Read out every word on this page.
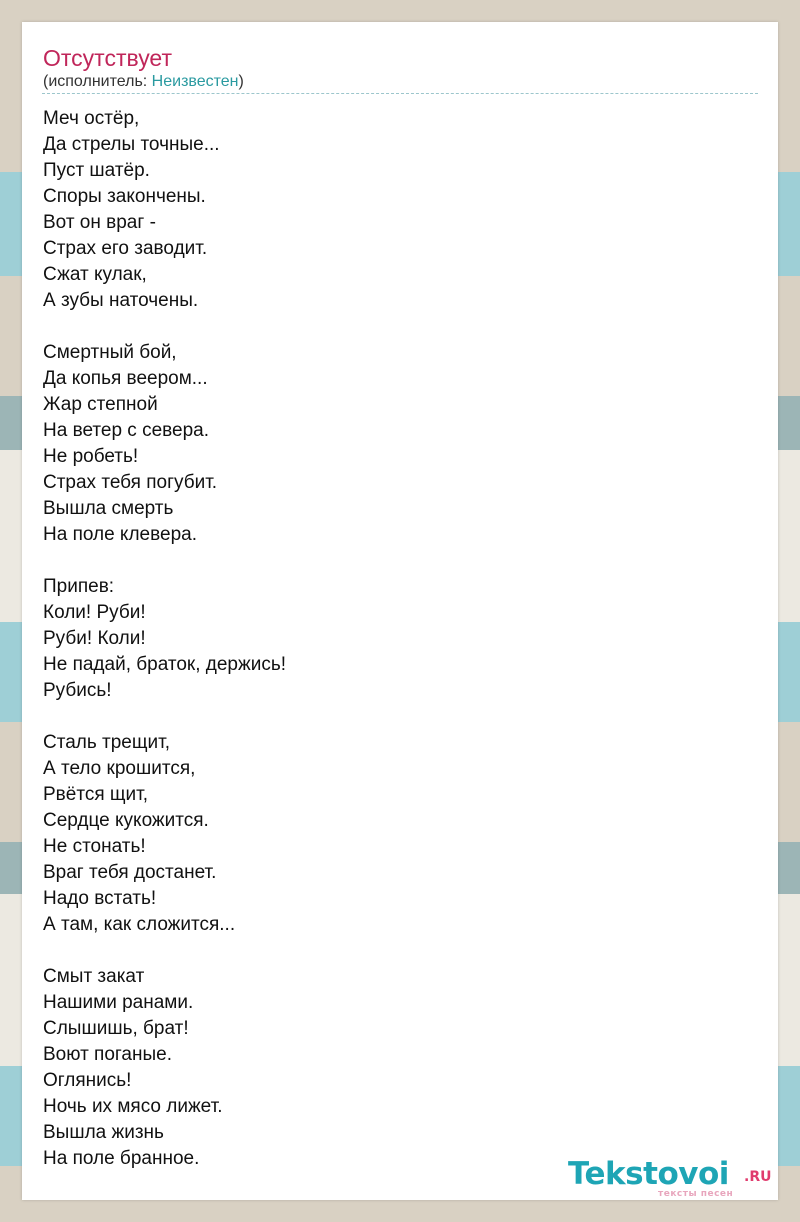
Отсутствует
(исполнитель: Неизвестен)
Меч остёр,
Да стрелы точные...
Пуст шатёр.
Споры закончены.
Вот он враг -
Страх его заводит.
Сжат кулак,
А зубы наточены.
Смертный бой,
Да копья веером...
Жар степной
На ветер с севера.
Не робеть!
Страх тебя погубит.
Вышла смерть
На поле клевера.
Припев:
Коли! Руби!
Руби! Коли!
Не падай, браток, держись!
Рубись!
Сталь трещит,
А тело крошится,
Рвётся щит,
Сердце кукожится.
Не стонать!
Враг тебя достанет.
Надо встать!
А там, как сложится...
Смыт закат
Нашими ранами.
Слышишь, брат!
Воют поганые.
Оглянись!
Ночь их мясо лижет.
Вышла жизнь
На поле бранное.	Tekstovoi .RU
тексты песен
